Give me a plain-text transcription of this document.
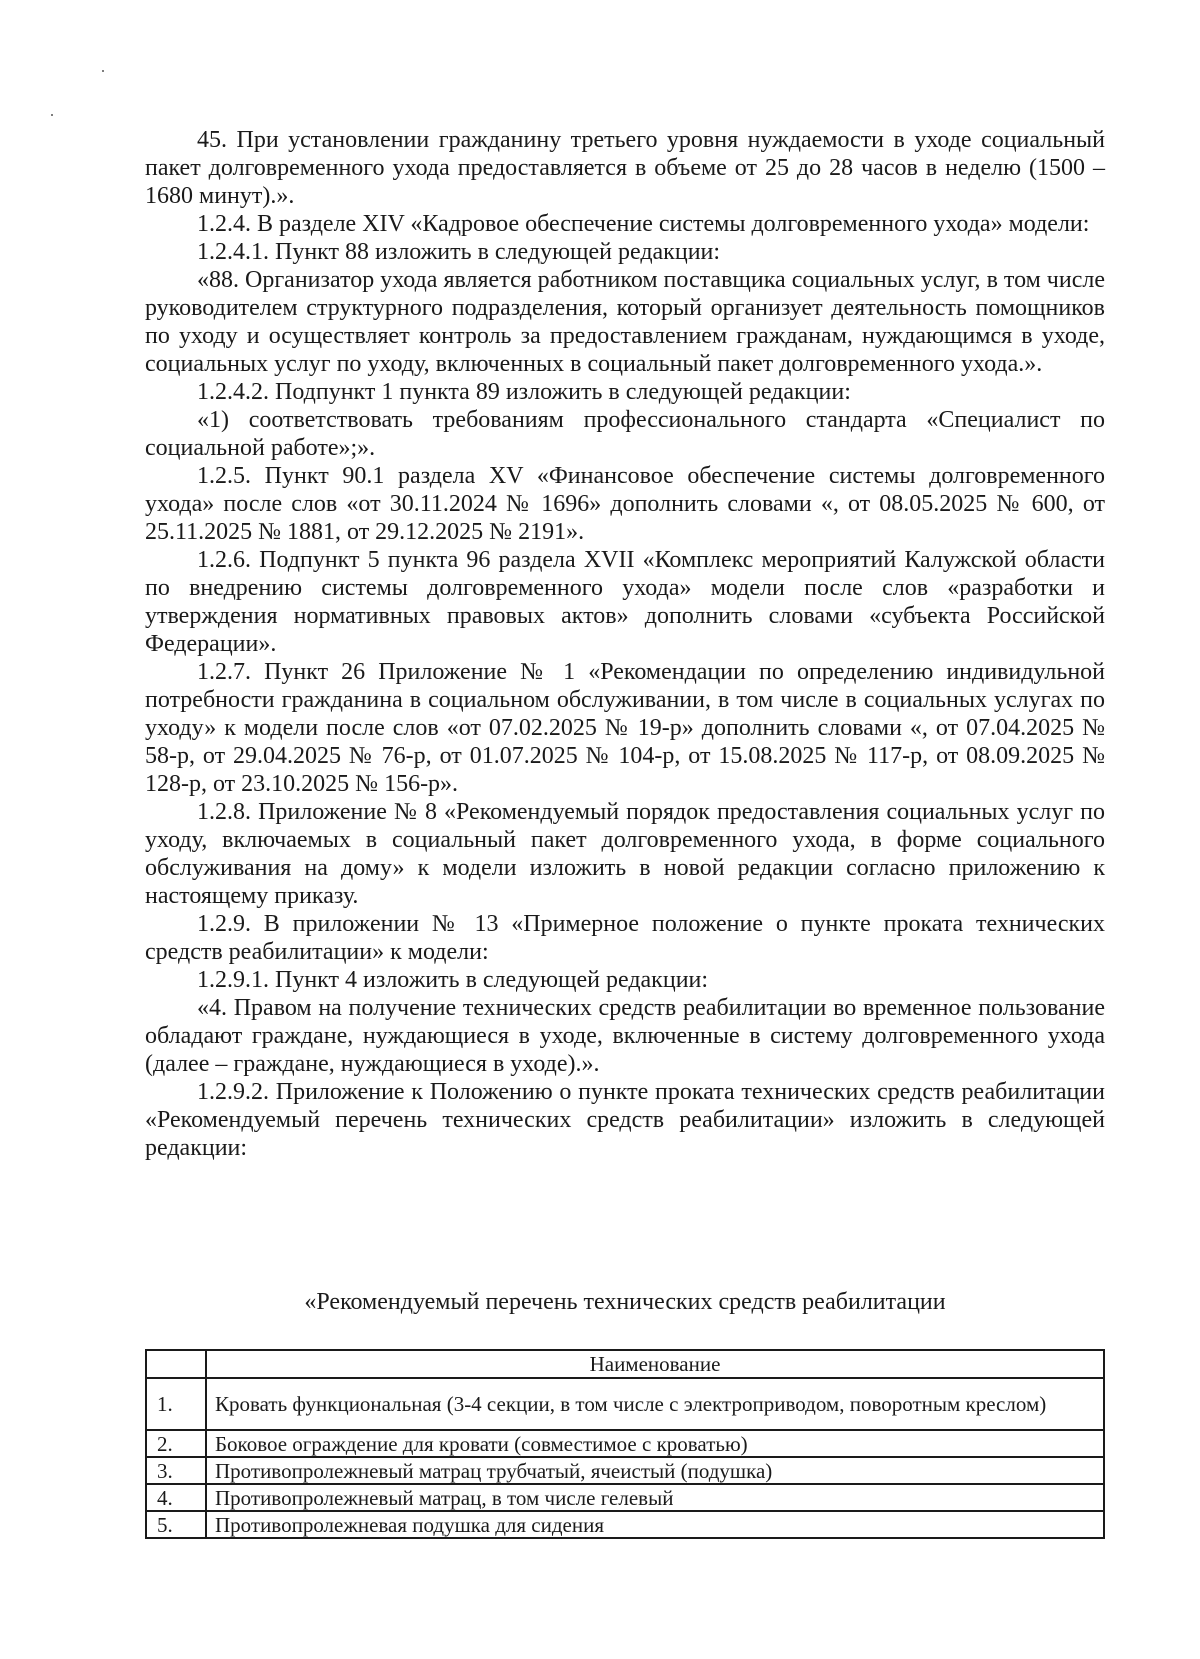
45. При установлении гражданину третьего уровня нуждаемости в уходе социальный пакет долговременного ухода предоставляется в объеме от 25 до 28 часов в неделю (1500 – 1680 минут).».

1.2.4. В разделе XIV «Кадровое обеспечение системы долговременного ухода» модели:

1.2.4.1. Пункт 88 изложить в следующей редакции:

«88. Организатор ухода является работником поставщика социальных услуг, в том числе руководителем структурного подразделения, который организует деятельность помощников по уходу и осуществляет контроль за предоставлением гражданам, нуждающимся в уходе, социальных услуг по уходу, включенных в социальный пакет долговременного ухода.».

1.2.4.2. Подпункт 1 пункта 89 изложить в следующей редакции:

«1) соответствовать требованиям профессионального стандарта «Специалист по социальной работе»;».

1.2.5. Пункт 90.1 раздела XV «Финансовое обеспечение системы долговременного ухода» после слов «от 30.11.2024 № 1696» дополнить словами «, от 08.05.2025 № 600, от 25.11.2025 № 1881, от 29.12.2025 № 2191».

1.2.6. Подпункт 5 пункта 96 раздела XVII «Комплекс мероприятий Калужской области по внедрению системы долговременного ухода» модели после слов «разработки и утверждения нормативных правовых актов» дополнить словами «субъекта Российской Федерации».

1.2.7. Пункт 26 Приложение № 1 «Рекомендации по определению индивидульной потребности гражданина в социальном обслуживании, в том числе в социальных услугах по уходу» к модели после слов «от 07.02.2025 № 19-р» дополнить словами «, от 07.04.2025 № 58-р, от 29.04.2025 № 76-р, от 01.07.2025 № 104-р, от 15.08.2025 № 117-р, от 08.09.2025 № 128-р, от 23.10.2025 № 156-р».

1.2.8. Приложение № 8 «Рекомендуемый порядок предоставления социальных услуг по уходу, включаемых в социальный пакет долговременного ухода, в форме социального обслуживания на дому» к модели изложить в новой редакции согласно приложению к настоящему приказу.

1.2.9. В приложении № 13 «Примерное положение о пункте проката технических средств реабилитации» к модели:

1.2.9.1. Пункт 4 изложить в следующей редакции:

«4. Правом на получение технических средств реабилитации во временное пользование обладают граждане, нуждающиеся в уходе, включенные в систему долговременного ухода (далее – граждане, нуждающиеся в уходе).».

1.2.9.2. Приложение к Положению о пункте проката технических средств реабилитации «Рекомендуемый перечень технических средств реабилитации» изложить в следующей редакции:

«Рекомендуемый перечень технических средств реабилитации
	Наименование
1.	Кровать функциональная (3-4 секции, в том числе с электроприводом, поворотным креслом)
2.	Боковое ограждение для кровати (совместимое с кроватью)
3.	Противопролежневый матрац трубчатый, ячеистый (подушка)
4.	Противопролежневый матрац, в том числе гелевый
5.	Противопролежневая подушка для сидения
